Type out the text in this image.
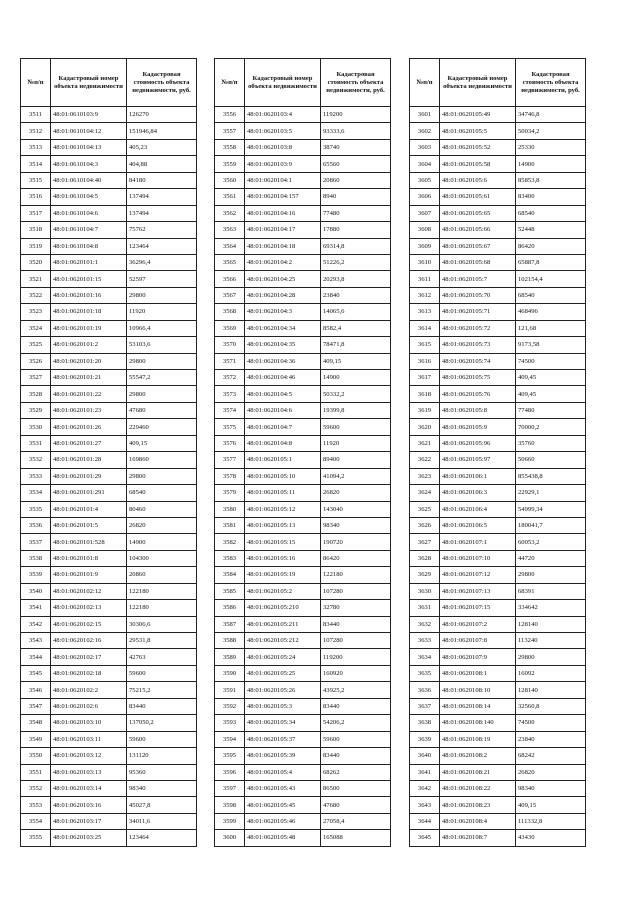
№п/п	Кадастровый номер объекта недвижимости	Кадастровая стоимость объекта недвижимости, руб.
3511	48:01:0610103:9	126270
3512	48:01:0610104:12	151946,84
3513	48:01:0610104:13	405,23
3514	48:01:0610104:3	404,88
3515	48:01:0610104:40	84180
3516	48:01:0610104:5	137494
3517	48:01:0610104:6	137494
3518	48:01:0610104:7	75762
3519	48:01:0610104:8	123464
3520	48:01:0620101:1	36296,4
3521	48:01:0620101:15	52597
3522	48:01:0620101:16	29800
3523	48:01:0620101:18	11920
3524	48:01:0620101:19	10966,4
3525	48:01:0620101:2	53103,6
3526	48:01:0620101:20	29800
3527	48:01:0620101:21	55547,2
3528	48:01:0620101:22	29800
3529	48:01:0620101:23	47680
3530	48:01:0620101:26	229460
3531	48:01:0620101:27	409,15
3532	48:01:0620101:28	169860
3533	48:01:0620101:29	29800
3534	48:01:0620101:291	68540
3535	48:01:0620101:4	80460
3536	48:01:0620101:5	26820
3537	48:01:0620101:528	14900
3538	48:01:0620101:8	104300
3539	48:01:0620101:9	20860
3540	48:01:0620102:12	122180
3541	48:01:0620102:13	122180
3542	48:01:0620102:15	30306,6
3543	48:01:0620102:16	29531,8
3544	48:01:0620102:17	42763
3545	48:01:0620102:18	59600
3546	48:01:0620102:2	75215,2
3547	48:01:0620102:6	83440
3548	48:01:0620103:10	137050,2
3549	48:01:0620103:11	59600
3550	48:01:0620103:12	131120
3551	48:01:0620103:13	95360
3552	48:01:0620103:14	98340
3553	48:01:0620103:16	45027,8
3554	48:01:0620103:17	34011,6
3555	48:01:0620103:25	123464
№п/п	Кадастровый номер объекта недвижимости	Кадастровая стоимость объекта недвижимости, руб.
3556	48:01:0620103:4	119200
3557	48:01:0620103:5	93333,6
3558	48:01:0620103:8	38740
3559	48:01:0620103:9	65560
3560	48:01:0620104:1	20860
3561	48:01:0620104:157	8940
3562	48:01:0620104:16	77480
3563	48:01:0620104:17	17880
3564	48:01:0620104:18	69314,8
3565	48:01:0620104:2	51226,2
3566	48:01:0620104:25	20293,8
3567	48:01:0620104:28	23840
3568	48:01:0620104:3	14065,6
3569	48:01:0620104:34	8582,4
3570	48:01:0620104:35	78471,8
3571	48:01:0620104:36	409,15
3572	48:01:0620104:46	14900
3573	48:01:0620104:5	50332,2
3574	48:01:0620104:6	19399,8
3575	48:01:0620104:7	59600
3576	48:01:0620104:8	11920
3577	48:01:0620105:1	89400
3578	48:01:0620105:10	41094,2
3579	48:01:0620105:11	26820
3580	48:01:0620105:12	143040
3581	48:01:0620105:13	98340
3582	48:01:0620105:15	190720
3583	48:01:0620105:16	86420
3584	48:01:0620105:19	122180
3585	48:01:0620105:2	107280
3586	48:01:0620105:210	32780
3587	48:01:0620105:211	83440
3588	48:01:0620105:212	107280
3589	48:01:0620105:24	119200
3590	48:01:0620105:25	160920
3591	48:01:0620105:26	43925,2
3592	48:01:0620105:3	83440
3593	48:01:0620105:34	54206,2
3594	48:01:0620105:37	59600
3595	48:01:0620105:39	83440
3596	48:01:0620105:4	68262
3597	48:01:0620105:43	86500
3598	48:01:0620105:45	47680
3599	48:01:0620105:46	27058,4
3600	48:01:0620105:48	165088
№п/п	Кадастровый номер объекта недвижимости	Кадастровая стоимость объекта недвижимости, руб.
3601	48:01:0620105:49	34746,8
3602	48:01:0620105:5	50034,2
3603	48:01:0620105:52	25330
3604	48:01:0620105:58	14900
3605	48:01:0620105:6	85853,8
3606	48:01:0620105:61	83400
3607	48:01:0620105:65	68540
3608	48:01:0620105:66	52448
3609	48:01:0620105:67	86420
3610	48:01:0620105:68	65887,8
3611	48:01:0620105:7	102154,4
3612	48:01:0620105:70	68540
3613	48:01:0620105:71	468496
3614	48:01:0620105:72	121,68
3615	48:01:0620105:73	9173,58
3616	48:01:0620105:74	74500
3617	48:01:0620105:75	409,45
3618	48:01:0620105:76	409,45
3619	48:01:0620105:8	77480
3620	48:01:0620105:9	70000,2
3621	48:01:0620105:96	35760
3622	48:01:0620105:97	50660
3623	48:01:0620106:1	855438,8
3624	48:01:0620106:3	22929,1
3625	48:01:0620106:4	54999,34
3626	48:01:0620106:5	180041,7
3627	48:01:0620107:1	60053,2
3628	48:01:0620107:10	44720
3629	48:01:0620107:12	29800
3630	48:01:0620107:13	68391
3631	48:01:0620107:15	334642
3632	48:01:0620107:2	128140
3633	48:01:0620107:8	113240
3634	48:01:0620107:9	29800
3635	48:01:0620108:1	16092
3636	48:01:0620108:10	128140
3637	48:01:0620108:14	32560,8
3638	48:01:0620108:140	74500
3639	48:01:0620108:19	23840
3640	48:01:0620108:2	68242
3641	48:01:0620108:21	26820
3642	48:01:0620108:22	98340
3643	48:01:0620108:23	409,15
3644	48:01:0620108:4	111332,8
3645	48:01:0620108:7	43430
